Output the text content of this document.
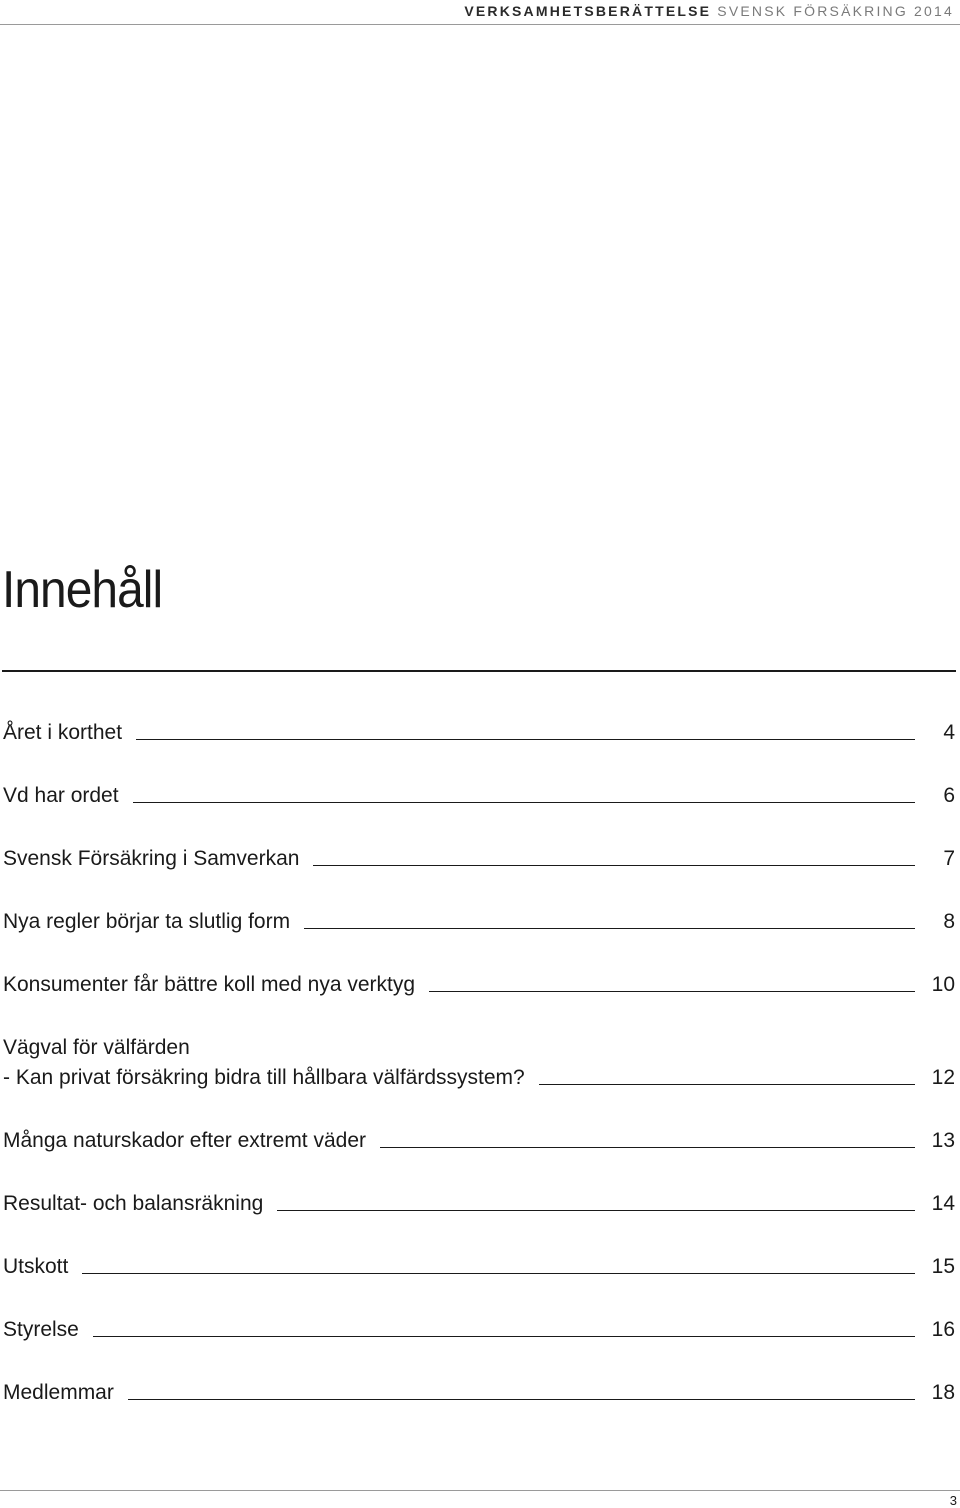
VERKSAMHETSBERÄTTELSE SVENSK FÖRSÄKRING 2014
Innehåll
Året i korthet	4
Vd har ordet	6
Svensk Försäkring i Samverkan	7
Nya regler börjar ta slutlig form	8
Konsumenter får bättre koll med nya verktyg	10
Vägval för välfärden
- Kan privat försäkring bidra till hållbara välfärdssystem?	12
Många naturskador efter extremt väder	13
Resultat- och balansräkning	14
Utskott	15
Styrelse	16
Medlemmar	18
3
